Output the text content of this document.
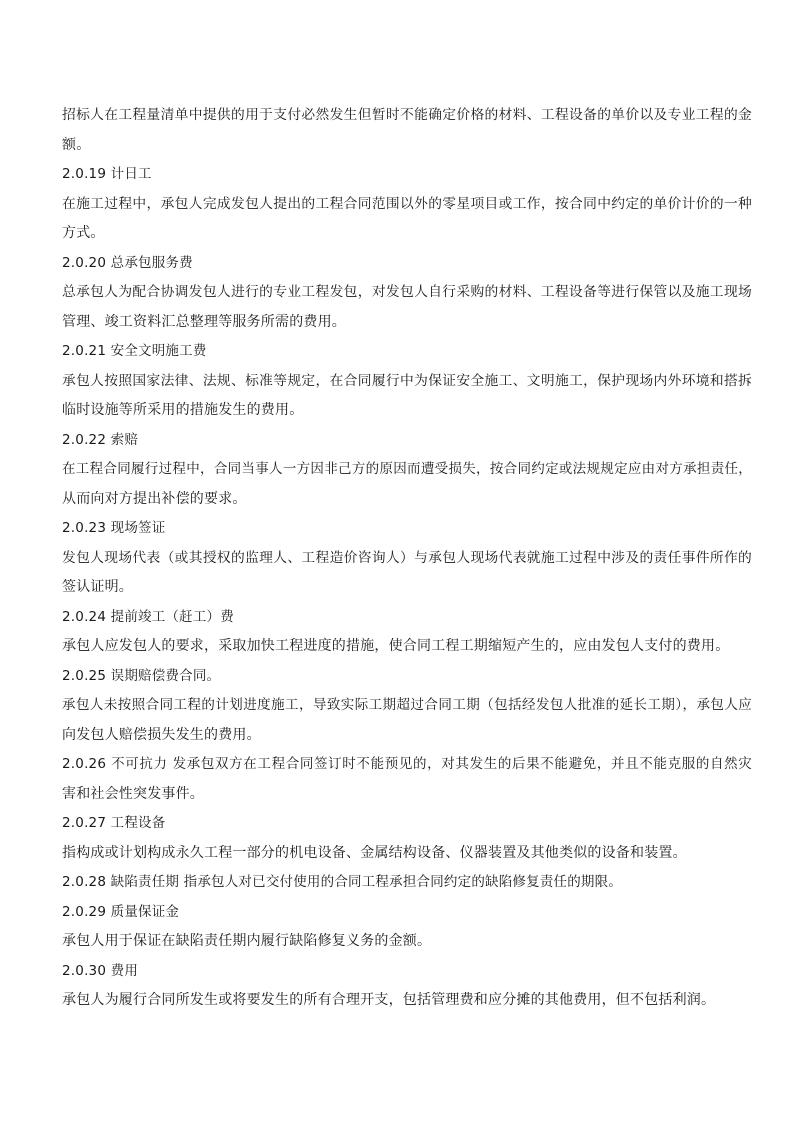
招标人在工程量清单中提供的用于支付必然发生但暂时不能确定价格的材料、工程设备的单价以及专业工程的金
额。
2.0.19 计日工
在施工过程中，承包人完成发包人提出的工程合同范围以外的零星项目或工作，按合同中约定的单价计价的一种
方式。
2.0.20 总承包服务费
总承包人为配合协调发包人进行的专业工程发包，对发包人自行采购的材料、工程设备等进行保管以及施工现场
管理、竣工资料汇总整理等服务所需的费用。
2.0.21 安全文明施工费
承包人按照国家法律、法规、标准等规定，在合同履行中为保证安全施工、文明施工，保护现场内外环境和搭拆
临时设施等所采用的措施发生的费用。
2.0.22 索赔
在工程合同履行过程中，合同当事人一方因非己方的原因而遭受损失，按合同约定或法规规定应由对方承担责任，
从而向对方提出补偿的要求。
2.0.23 现场签证
发包人现场代表（或其授权的监理人、工程造价咨询人）与承包人现场代表就施工过程中涉及的责任事件所作的
签认证明。
2.0.24 提前竣工（赶工）费
承包人应发包人的要求，采取加快工程进度的措施，使合同工程工期缩短产生的，应由发包人支付的费用。
2.0.25 误期赔偿费合同。
承包人未按照合同工程的计划进度施工，导致实际工期超过合同工期（包括经发包人批准的延长工期），承包人应
向发包人赔偿损失发生的费用。
2.0.26 不可抗力 发承包双方在工程合同签订时不能预见的，对其发生的后果不能避免，并且不能克服的自然灾
害和社会性突发事件。
2.0.27 工程设备
指构成或计划构成永久工程一部分的机电设备、金属结构设备、仪器装置及其他类似的设备和装置。
2.0.28 缺陷责任期 指承包人对已交付使用的合同工程承担合同约定的缺陷修复责任的期限。
2.0.29 质量保证金
承包人用于保证在缺陷责任期内履行缺陷修复义务的金额。
2.0.30 费用
承包人为履行合同所发生或将要发生的所有合理开支，包括管理费和应分摊的其他费用，但不包括利润。
